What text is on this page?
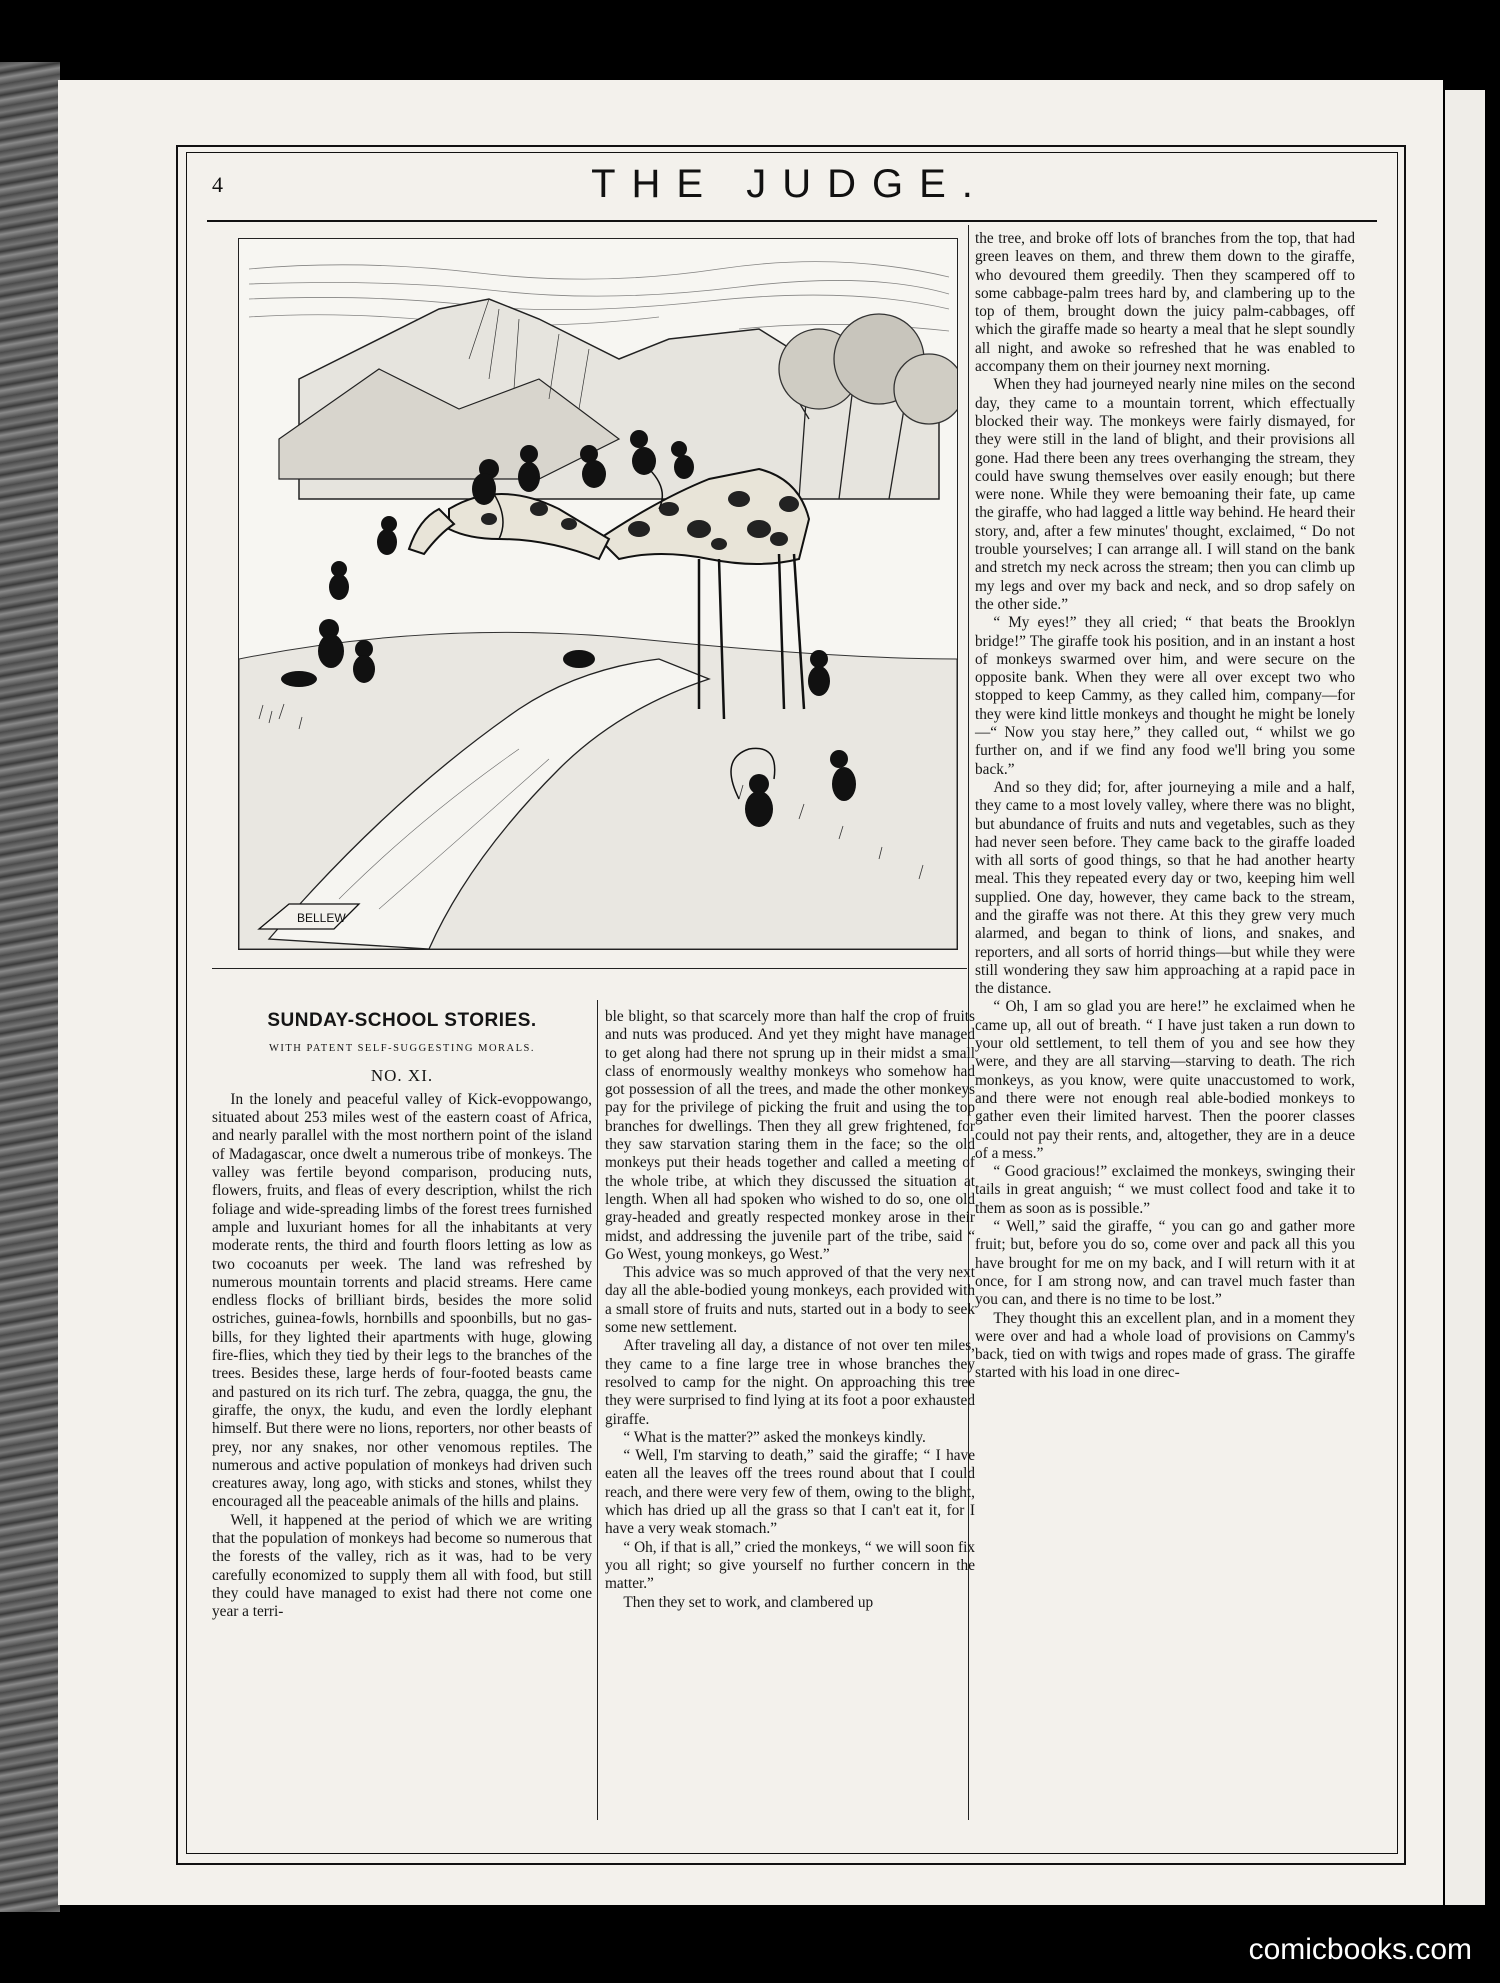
4	THE JUDGE.
BELLEW
SUNDAY-SCHOOL STORIES.
WITH PATENT SELF-SUGGESTING MORALS.
NO. XI.

In the lonely and peaceful valley of Kick-evoppowango, situated about 253 miles west of the eastern coast of Africa, and nearly parallel with the most northern point of the island of Madagascar, once dwelt a numerous tribe of monkeys. The valley was fertile beyond comparison, producing nuts, flowers, fruits, and fleas of every description, whilst the rich foliage and wide-spreading limbs of the forest trees furnished ample and luxuriant homes for all the inhabitants at very moderate rents, the third and fourth floors letting as low as two cocoanuts per week. The land was refreshed by numerous mountain torrents and placid streams. Here came endless flocks of brilliant birds, besides the more solid ostriches, guinea-fowls, hornbills and spoonbills, but no gas-bills, for they lighted their apartments with huge, glowing fire-flies, which they tied by their legs to the branches of the trees. Besides these, large herds of four-footed beasts came and pastured on its rich turf. The zebra, quagga, the gnu, the giraffe, the onyx, the kudu, and even the lordly elephant himself. But there were no lions, reporters, nor other beasts of prey, nor any snakes, nor other venomous reptiles. The numerous and active population of monkeys had driven such creatures away, long ago, with sticks and stones, whilst they encouraged all the peaceable animals of the hills and plains.

Well, it happened at the period of which we are writing that the population of monkeys had become so numerous that the forests of the valley, rich as it was, had to be very carefully economized to supply them all with food, but still they could have managed to exist had there not come one year a terri-

ble blight, so that scarcely more than half the crop of fruits and nuts was produced. And yet they might have managed to get along had there not sprung up in their midst a small class of enormously wealthy monkeys who somehow had got possession of all the trees, and made the other monkeys pay for the privilege of picking the fruit and using the top branches for dwellings. Then they all grew frightened, for they saw starvation staring them in the face; so the old monkeys put their heads together and called a meeting of the whole tribe, at which they discussed the situation at length. When all had spoken who wished to do so, one old gray-headed and greatly respected monkey arose in their midst, and addressing the juvenile part of the tribe, said “ Go West, young monkeys, go West.”

This advice was so much approved of that the very next day all the able-bodied young monkeys, each provided with a small store of fruits and nuts, started out in a body to seek some new settlement.

After traveling all day, a distance of not over ten miles, they came to a fine large tree in whose branches they resolved to camp for the night. On approaching this tree they were surprised to find lying at its foot a poor exhausted giraffe.

“ What is the matter?” asked the monkeys kindly.

“ Well, I'm starving to death,” said the giraffe; “ I have eaten all the leaves off the trees round about that I could reach, and there were very few of them, owing to the blight, which has dried up all the grass so that I can't eat it, for I have a very weak stomach.”

“ Oh, if that is all,” cried the monkeys, “ we will soon fix you all right; so give yourself no further concern in the matter.”

Then they set to work, and clambered up

the tree, and broke off lots of branches from the top, that had green leaves on them, and threw them down to the giraffe, who devoured them greedily. Then they scampered off to some cabbage-palm trees hard by, and clambering up to the top of them, brought down the juicy palm-cabbages, off which the giraffe made so hearty a meal that he slept soundly all night, and awoke so refreshed that he was enabled to accompany them on their journey next morning.

When they had journeyed nearly nine miles on the second day, they came to a mountain torrent, which effectually blocked their way. The monkeys were fairly dismayed, for they were still in the land of blight, and their provisions all gone. Had there been any trees overhanging the stream, they could have swung themselves over easily enough; but there were none. While they were bemoaning their fate, up came the giraffe, who had lagged a little way behind. He heard their story, and, after a few minutes' thought, exclaimed, “ Do not trouble yourselves; I can arrange all. I will stand on the bank and stretch my neck across the stream; then you can climb up my legs and over my back and neck, and so drop safely on the other side.”

“ My eyes!” they all cried; “ that beats the Brooklyn bridge!” The giraffe took his position, and in an instant a host of monkeys swarmed over him, and were secure on the opposite bank. When they were all over except two who stopped to keep Cammy, as they called him, company—for they were kind little monkeys and thought he might be lonely—“ Now you stay here,” they called out, “ whilst we go further on, and if we find any food we'll bring you some back.”

And so they did; for, after journeying a mile and a half, they came to a most lovely valley, where there was no blight, but abundance of fruits and nuts and vegetables, such as they had never seen before. They came back to the giraffe loaded with all sorts of good things, so that he had another hearty meal. This they repeated every day or two, keeping him well supplied. One day, however, they came back to the stream, and the giraffe was not there. At this they grew very much alarmed, and began to think of lions, and snakes, and reporters, and all sorts of horrid things—but while they were still wondering they saw him approaching at a rapid pace in the distance.

“ Oh, I am so glad you are here!” he exclaimed when he came up, all out of breath. “ I have just taken a run down to your old settlement, to tell them of you and see how they were, and they are all starving—starving to death. The rich monkeys, as you know, were quite unaccustomed to work, and there were not enough real able-bodied monkeys to gather even their limited harvest. Then the poorer classes could not pay their rents, and, altogether, they are in a deuce of a mess.”

“ Good gracious!” exclaimed the monkeys, swinging their tails in great anguish; “ we must collect food and take it to them as soon as is possible.”

“ Well,” said the giraffe, “ you can go and gather more fruit; but, before you do so, come over and pack all this you have brought for me on my back, and I will return with it at once, for I am strong now, and can travel much faster than you can, and there is no time to be lost.”

They thought this an excellent plan, and in a moment they were over and had a whole load of provisions on Cammy's back, tied on with twigs and ropes made of grass. The giraffe started with his load in one direc-

comicbooks.com
